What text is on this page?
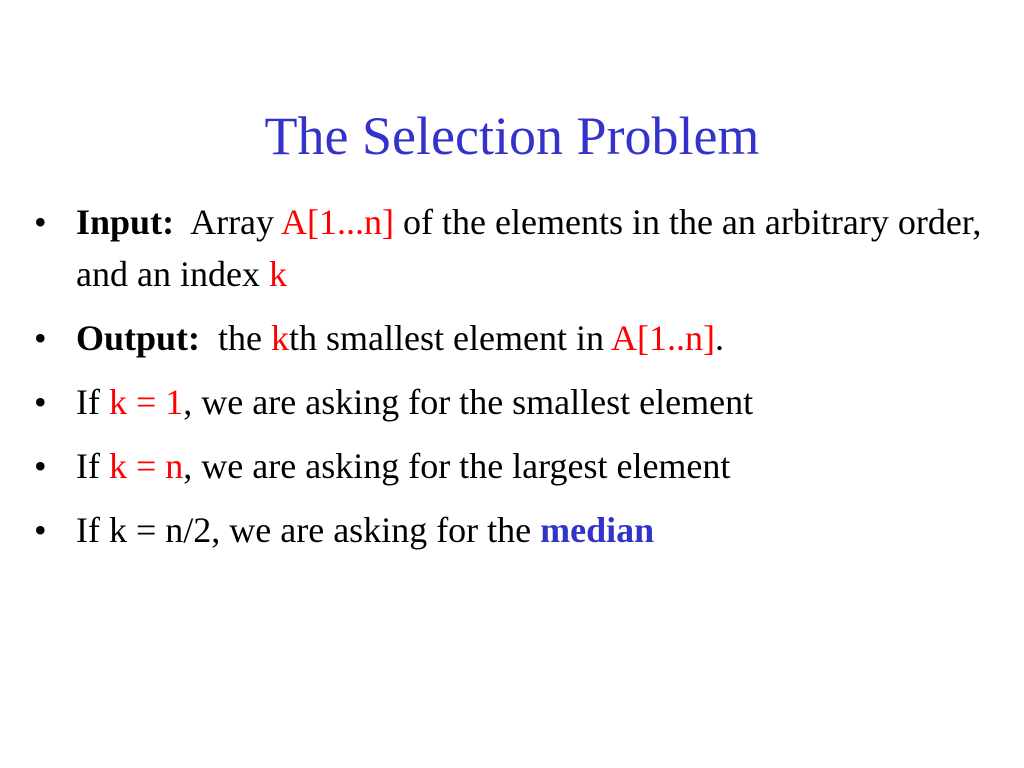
The Selection Problem
• Input: Array A[1...n] of the elements in the an arbitrary order, and an index k
• Output: the kth smallest element in A[1..n].
• If k = 1, we are asking for the smallest element
• If k = n, we are asking for the largest element
• If k = n/2, we are asking for the median
